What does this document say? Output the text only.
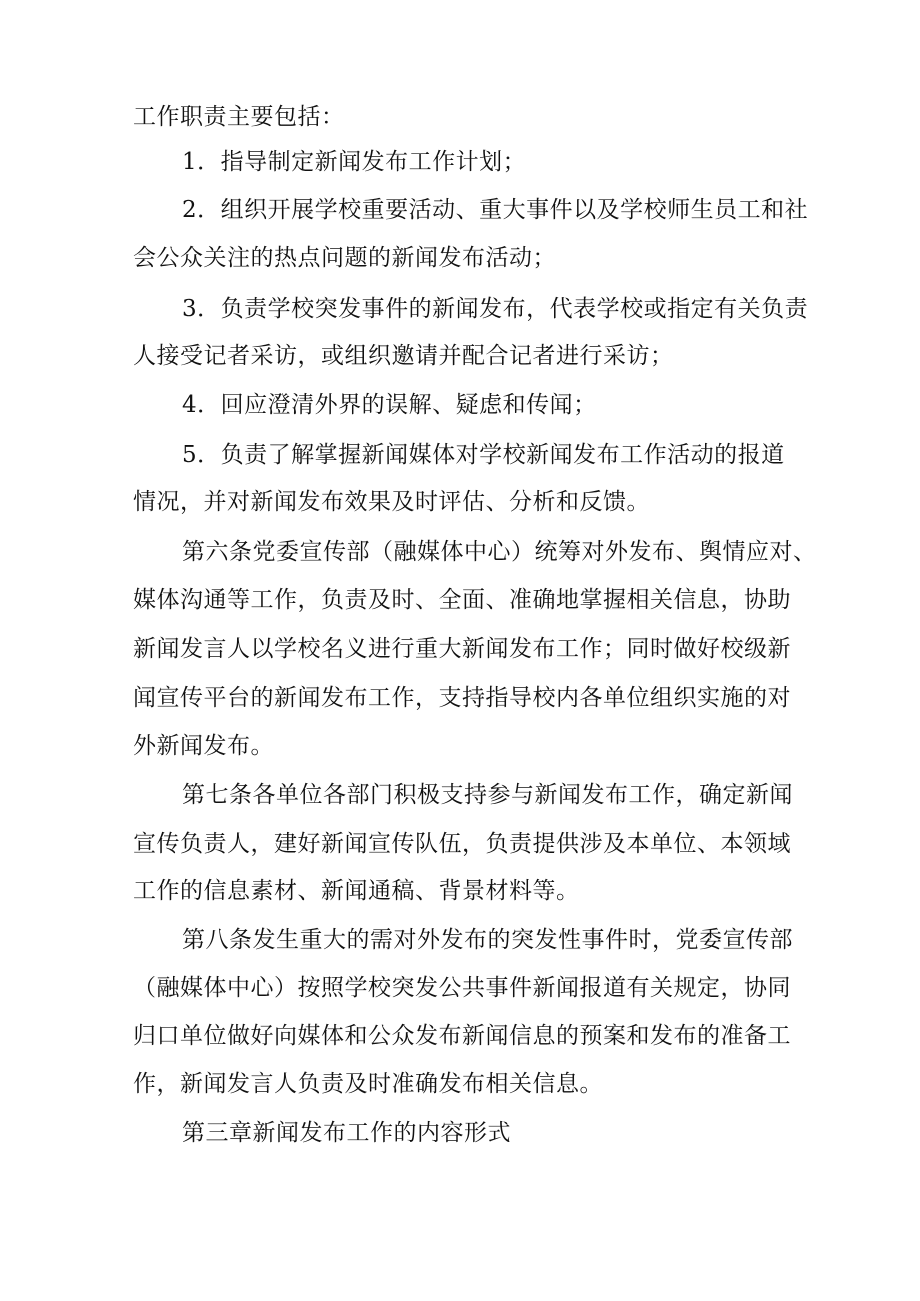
工作职责主要包括：
1．指导制定新闻发布工作计划；
2．组织开展学校重要活动、重大事件以及学校师生员工和社
会公众关注的热点问题的新闻发布活动；
3．负责学校突发事件的新闻发布，代表学校或指定有关负责
人接受记者采访，或组织邀请并配合记者进行采访；
4．回应澄清外界的误解、疑虑和传闻；
5．负责了解掌握新闻媒体对学校新闻发布工作活动的报道
情况，并对新闻发布效果及时评估、分析和反馈。
第六条党委宣传部（融媒体中心）统筹对外发布、舆情应对、
媒体沟通等工作，负责及时、全面、准确地掌握相关信息，协助
新闻发言人以学校名义进行重大新闻发布工作；同时做好校级新
闻宣传平台的新闻发布工作，支持指导校内各单位组织实施的对
外新闻发布。
第七条各单位各部门积极支持参与新闻发布工作，确定新闻
宣传负责人，建好新闻宣传队伍，负责提供涉及本单位、本领域
工作的信息素材、新闻通稿、背景材料等。
第八条发生重大的需对外发布的突发性事件时，党委宣传部
（融媒体中心）按照学校突发公共事件新闻报道有关规定，协同
归口单位做好向媒体和公众发布新闻信息的预案和发布的准备工
作，新闻发言人负责及时准确发布相关信息。
第三章新闻发布工作的内容形式
